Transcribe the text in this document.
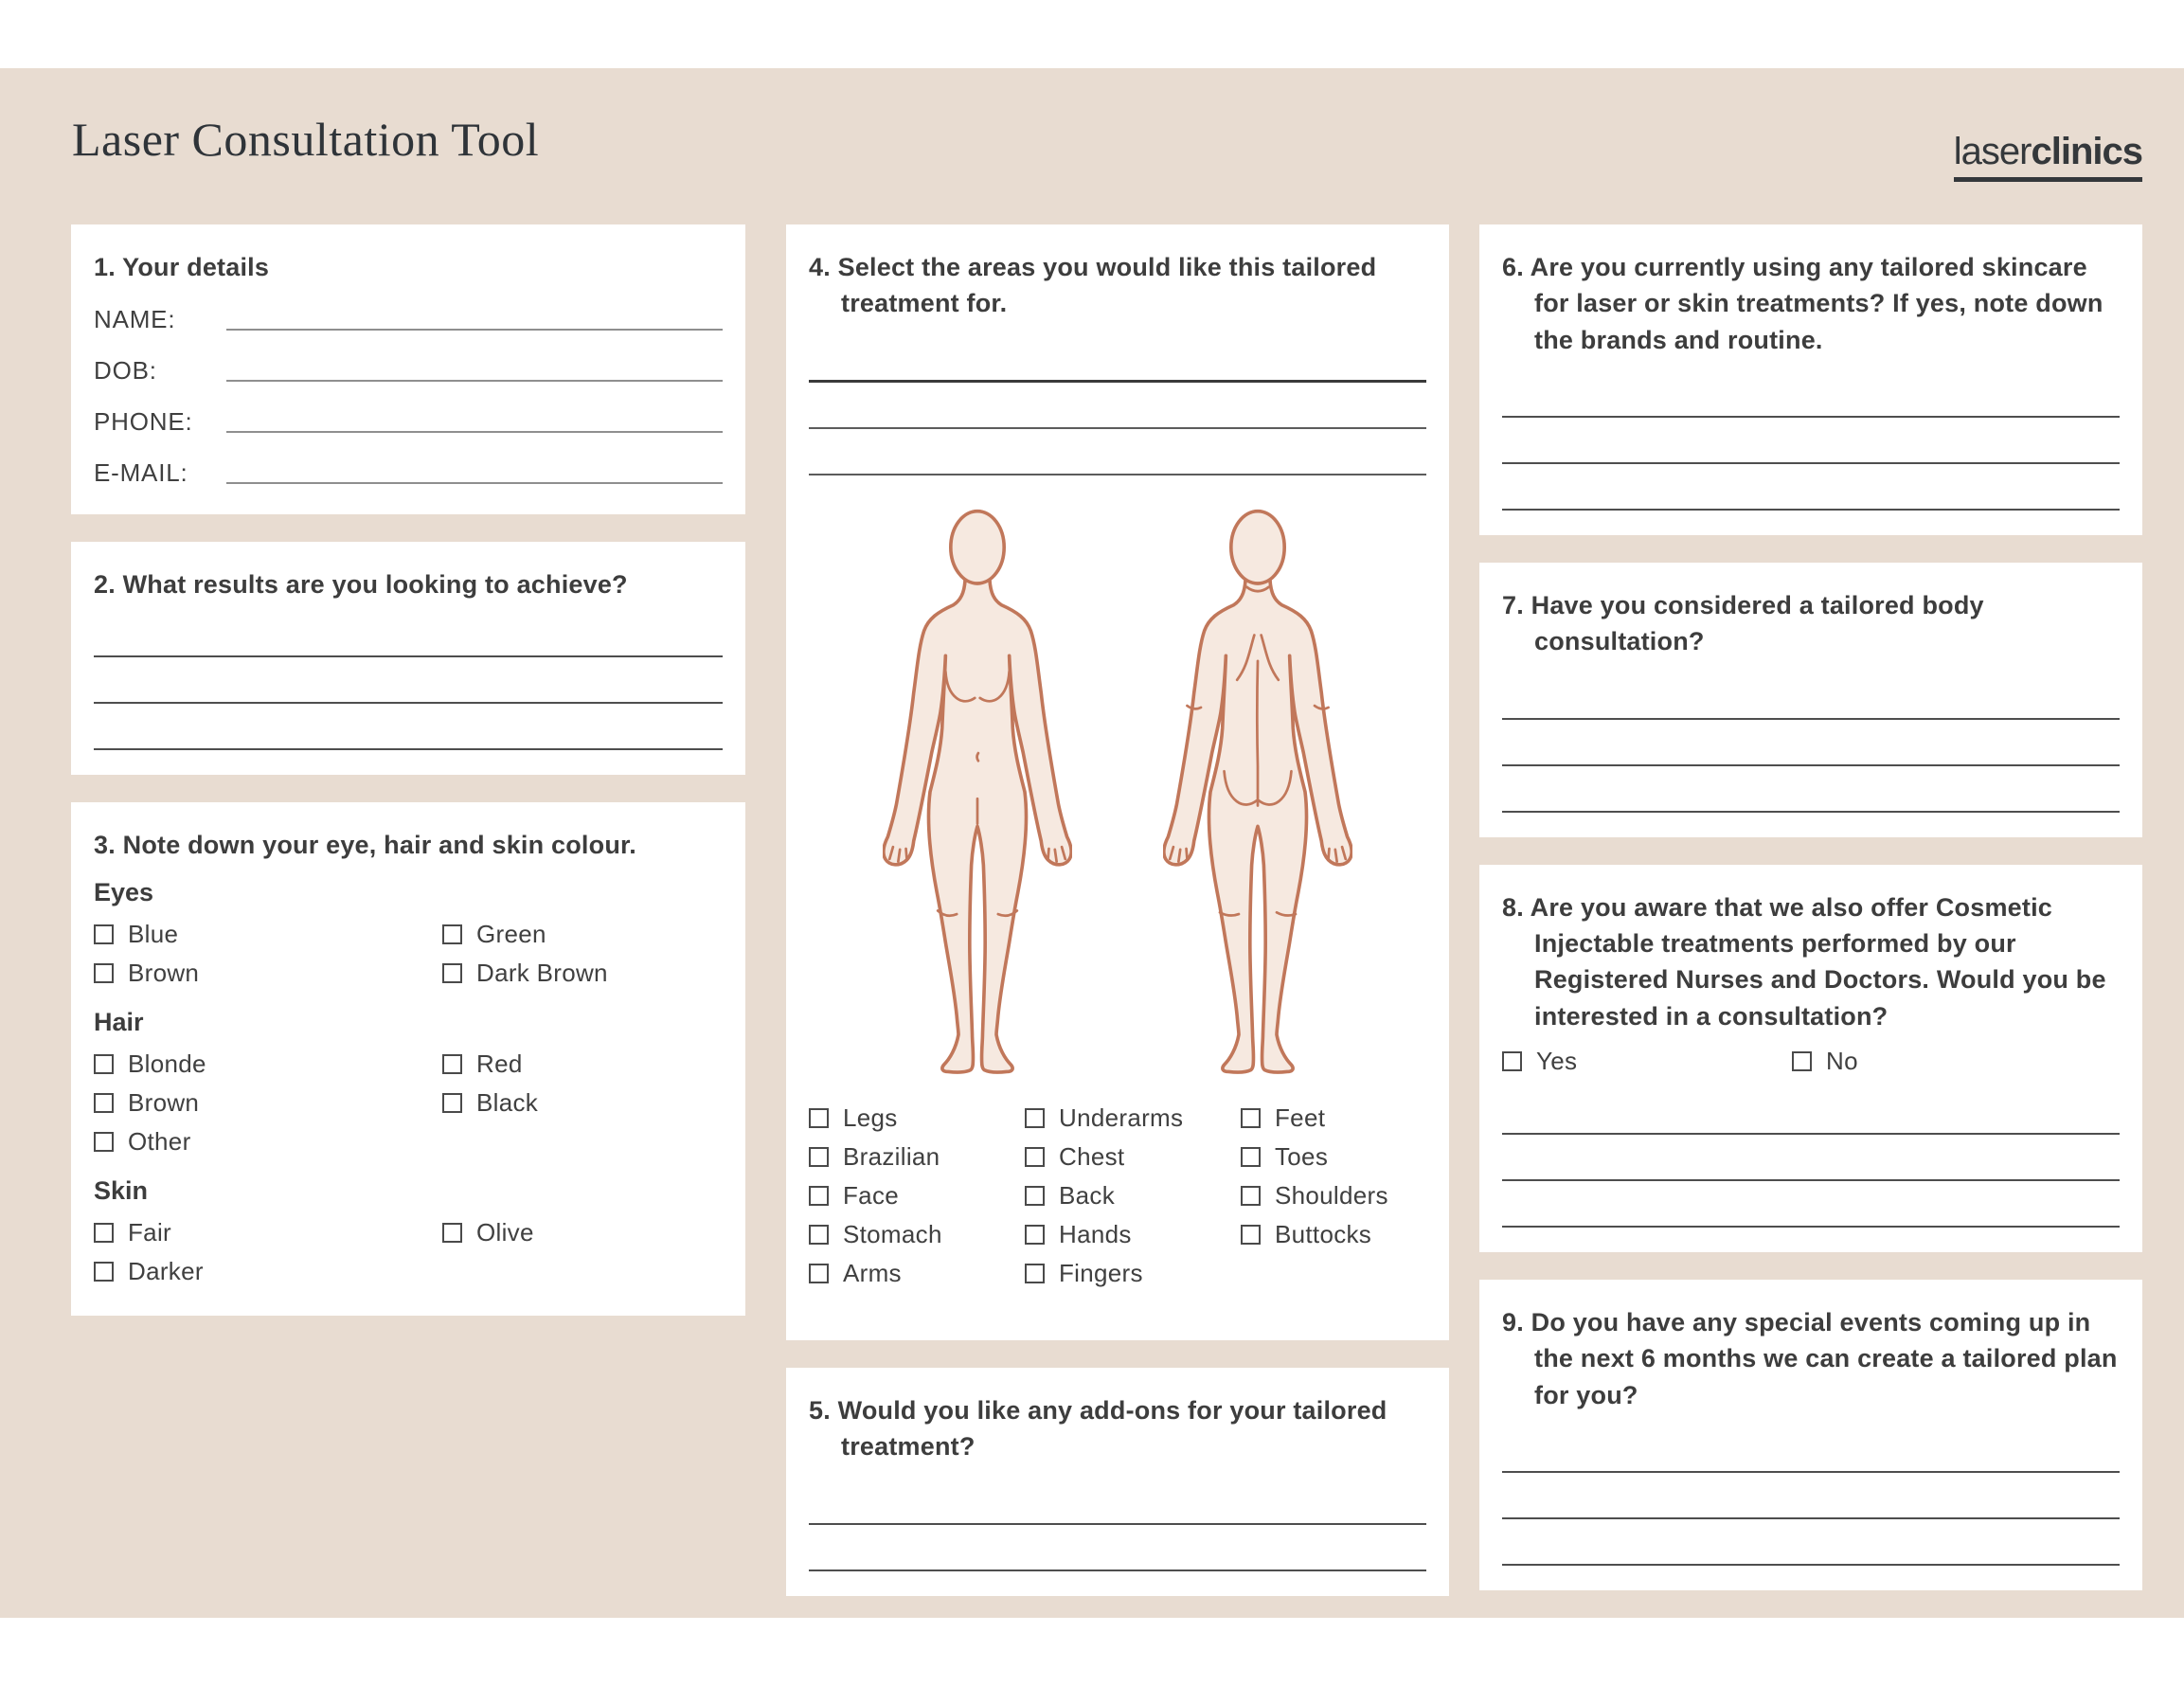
Laser Consultation Tool	laserclinics
1. Your details
NAME:
DOB:
PHONE:
E-MAIL:
2. What results are you looking to achieve?
3. Note down your eye, hair and skin colour.
Eyes
Blue
Brown
Green
Dark Brown
Hair
Blonde
Brown
Other
Red
Black
Skin
Fair
Darker
Olive
4. Select the areas you would like this tailored treatment for.
Legs
Brazilian
Face
Stomach
Arms
Underarms
Chest
Back
Hands
Fingers
Feet
Toes
Shoulders
Buttocks
5. Would you like any add-ons for your tailored treatment?
6. Are you currently using any tailored skincare for laser or skin treatments? If yes, note down the brands and routine.
7. Have you considered a tailored body consultation?
8. Are you aware that we also offer Cosmetic Injectable treatments performed by our Registered Nurses and Doctors. Would you be interested in a consultation?
Yes	No
9. Do you have any special events coming up in the next 6 months we can create a tailored plan for you?
